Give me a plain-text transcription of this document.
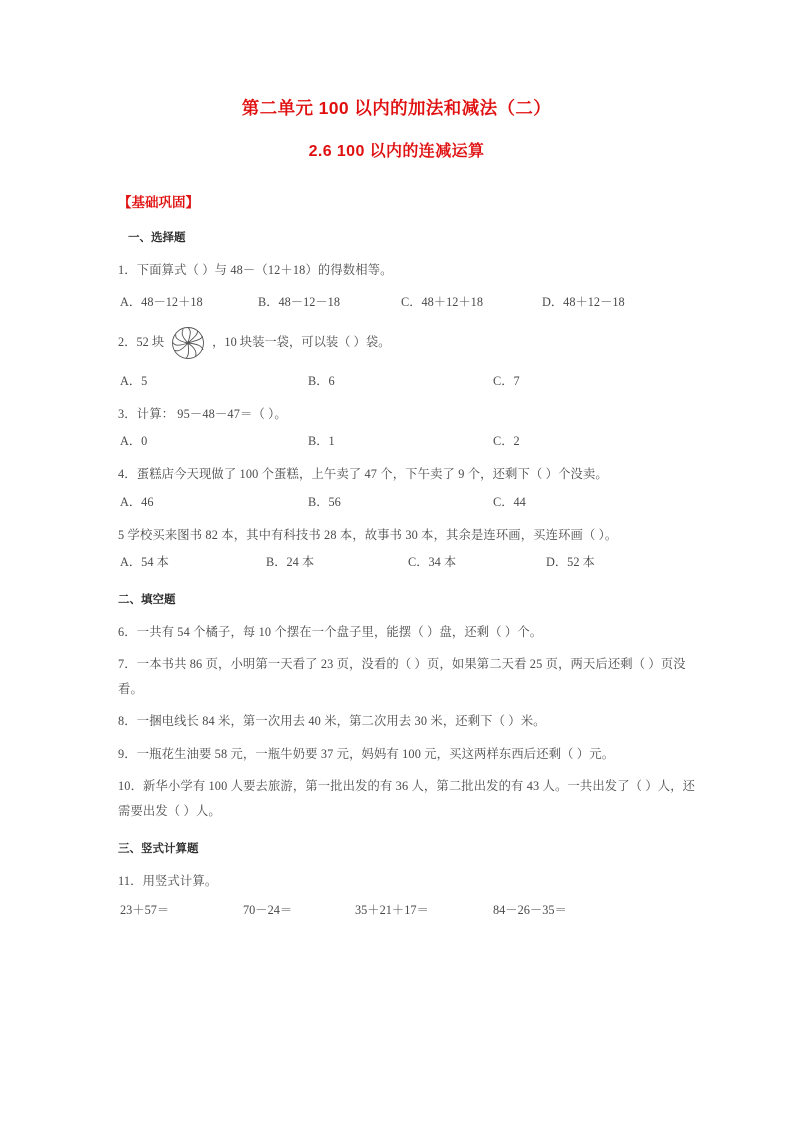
第二单元 100 以内的加法和减法（二）
2.6 100 以内的连减运算
【基础巩固】
一、选择题
1．下面算式（ ）与 48－（12＋18）的得数相等。
A．48－12＋18	B．48－12－18	C．48＋12＋18	D．48＋12－18
2．52 块	，10 块装一袋，可以装（ ）袋。
A．5	B．6	C．7
3．计算： 95－48－47＝（ ）。
A．0	B．1	C．2
4．蛋糕店今天现做了 100 个蛋糕，上午卖了 47 个，下午卖了 9 个，还剩下（ ）个没卖。
A．46	B．56	C．44
5 学校买来图书 82 本，其中有科技书 28 本，故事书 30 本，其余是连环画，买连环画（ ）。
A．54 本	B．24 本	C．34 本	D．52 本
二、填空题
6．一共有 54 个橘子，每 10 个摆在一个盘子里，能摆（ ）盘，还剩（ ）个。
7．一本书共 86 页，小明第一天看了 23 页，没看的（ ）页，如果第二天看 25 页，两天后还剩（ ）页没看。
8．一捆电线长 84 米，第一次用去 40 米，第二次用去 30 米，还剩下（ ）米。
9．一瓶花生油要 58 元，一瓶牛奶要 37 元，妈妈有 100 元，买这两样东西后还剩（ ）元。
10．新华小学有 100 人要去旅游，第一批出发的有 36 人，第二批出发的有 43 人。一共出发了（ ）人，还需要出发（ ）人。
三、竖式计算题
11．用竖式计算。
23＋57＝	70－24＝	35＋21＋17＝	84－26－35＝
